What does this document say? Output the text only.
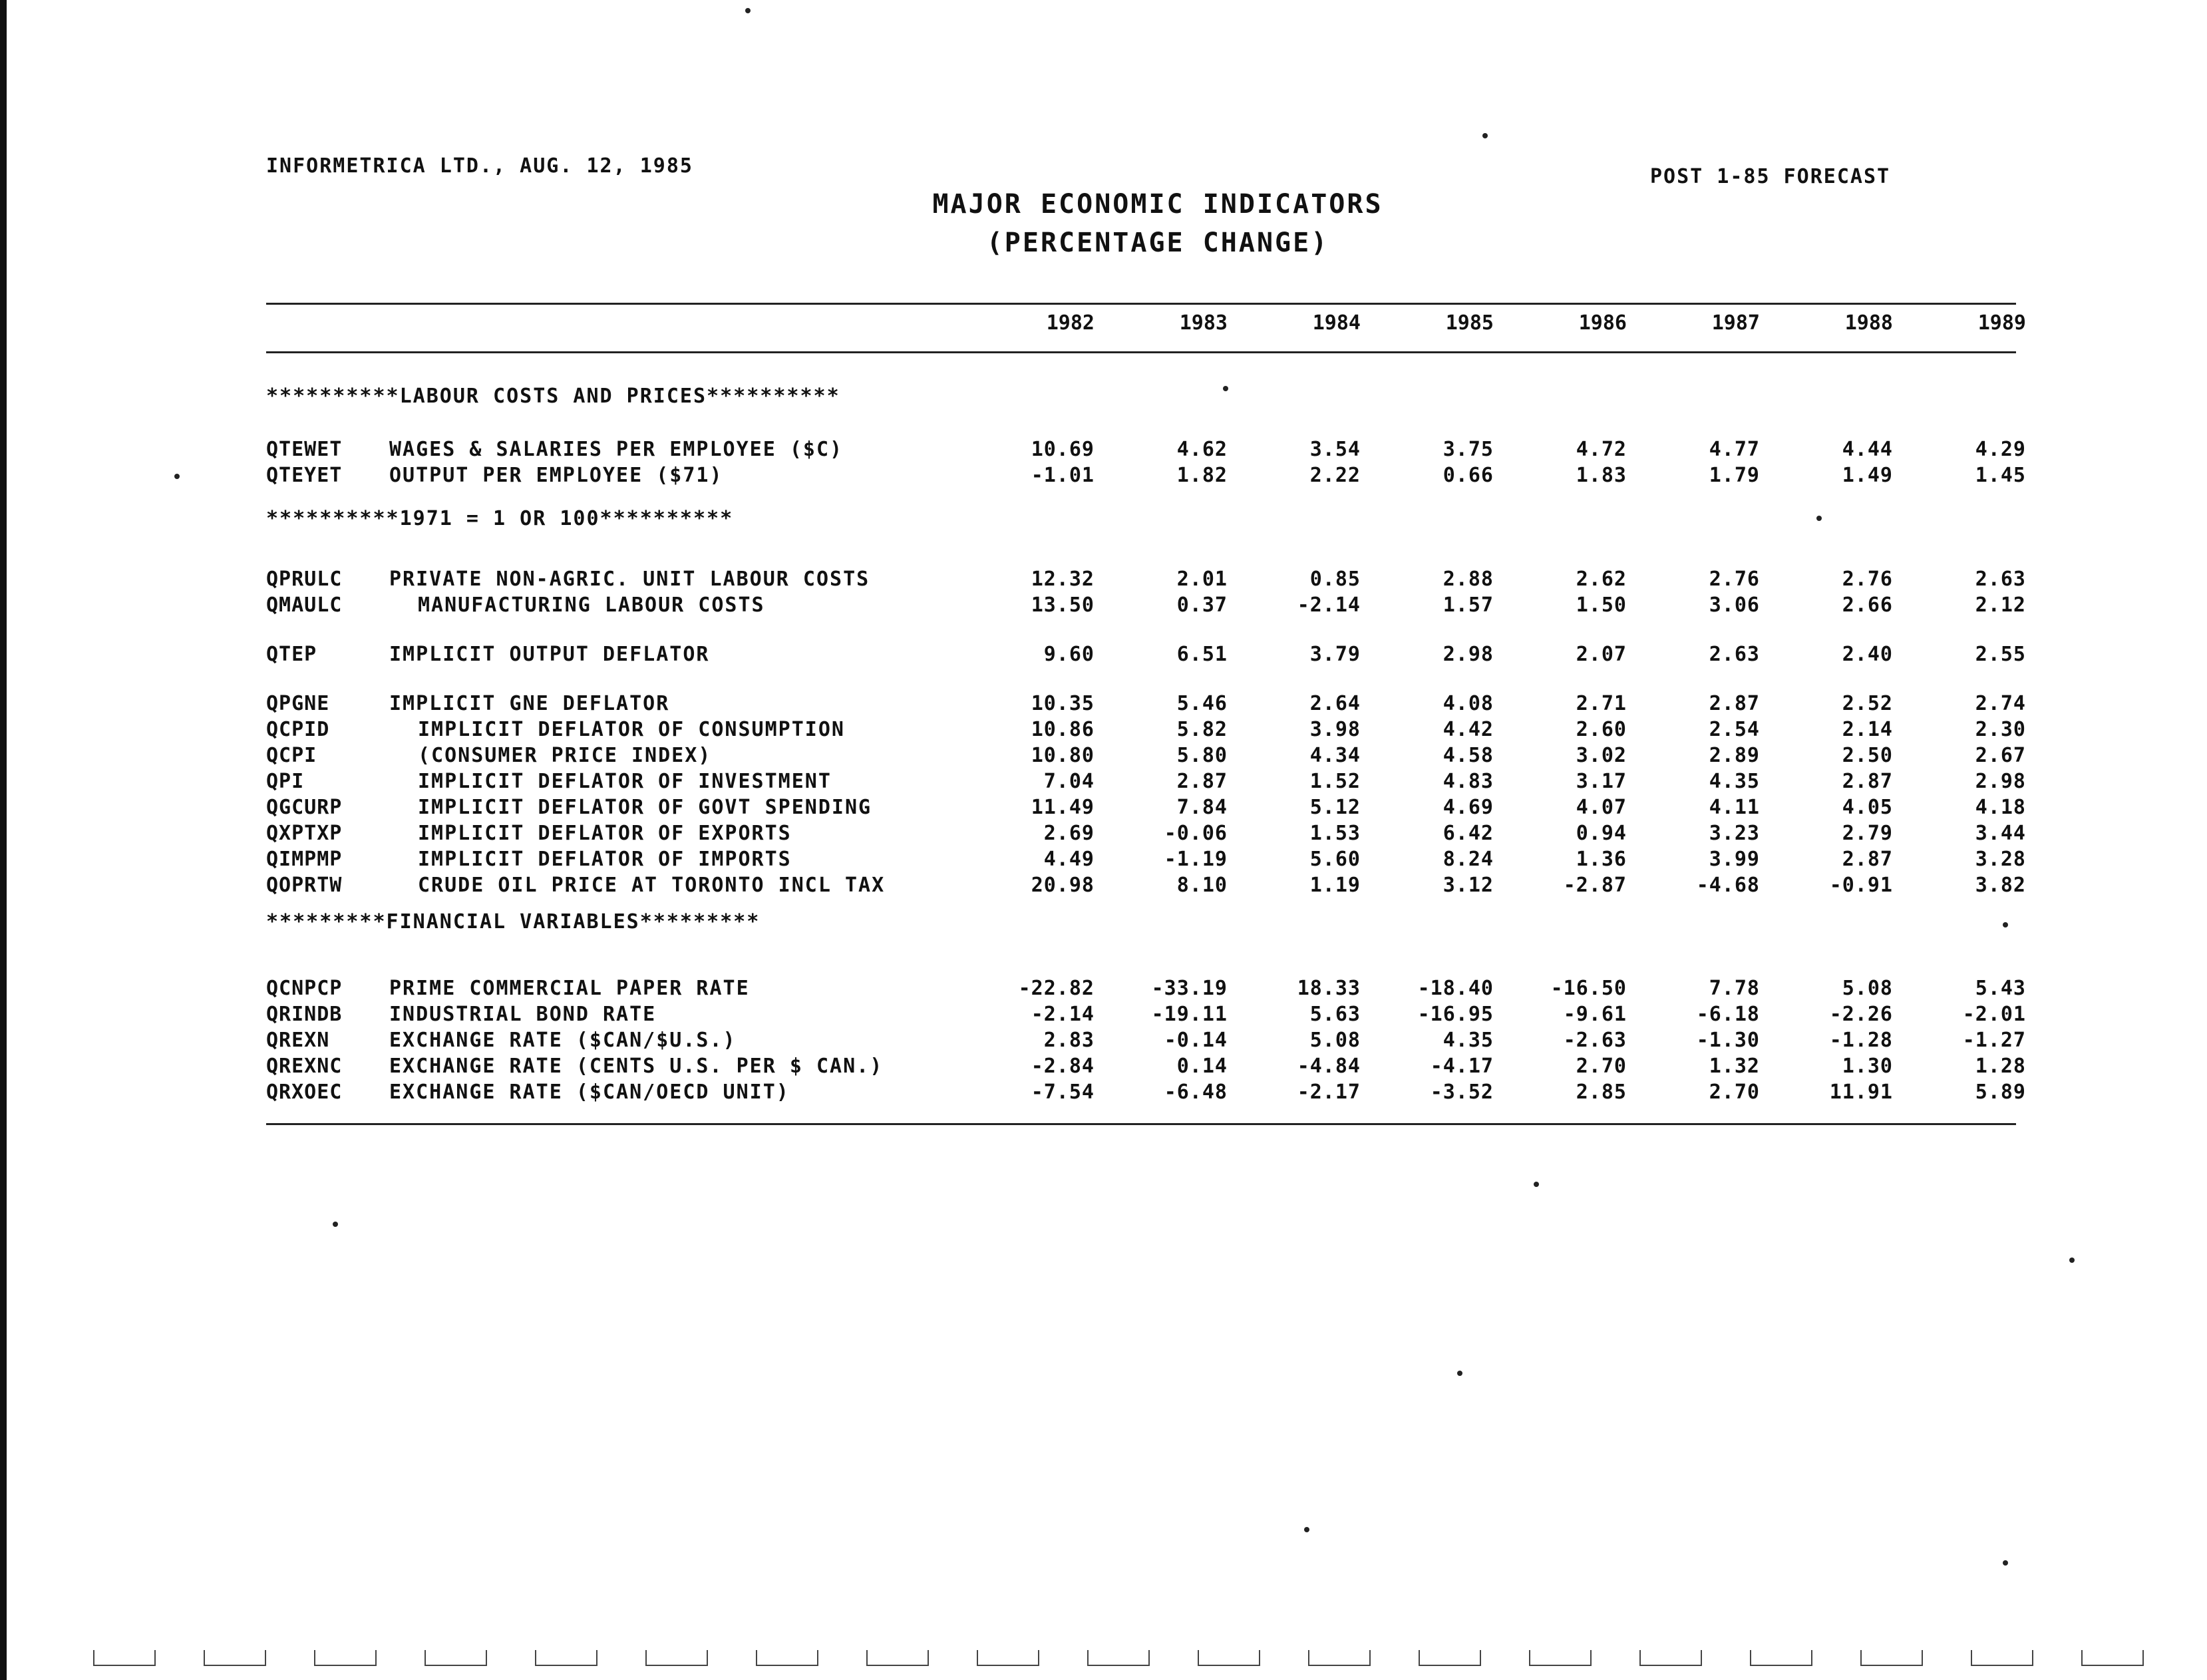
INFORMETRICA LTD., AUG. 12, 1985	POST 1-85 FORECAST
MAJOR ECONOMIC INDICATORS
(PERCENTAGE CHANGE)
1982	1983	1984	1985	1986	1987	1988	1989
**********LABOUR COSTS AND PRICES**********
**********1971 = 1 OR 100**********
*********FINANCIAL VARIABLES*********
QTEWET WAGES & SALARIES PER EMPLOYEE ($C)	10.69	4.62	3.54	3.75	4.72	4.77	4.44	4.29
QTEYET OUTPUT PER EMPLOYEE ($71)	-1.01	1.82	2.22	0.66	1.83	1.79	1.49	1.45
QPRULC PRIVATE NON-AGRIC. UNIT LABOUR COSTS	12.32	2.01	0.85	2.88	2.62	2.76	2.76	2.63
QMAULC	MANUFACTURING LABOUR COSTS	13.50	0.37	-2.14	1.57	1.50	3.06	2.66	2.12
QTEP	IMPLICIT OUTPUT DEFLATOR	9.60	6.51	3.79	2.98	2.07	2.63	2.40	2.55
QPGNE	IMPLICIT GNE DEFLATOR	10.35	5.46	2.64	4.08	2.71	2.87	2.52	2.74
QCPID	IMPLICIT DEFLATOR OF CONSUMPTION	10.86	5.82	3.98	4.42	2.60	2.54	2.14	2.30
QCPI	(CONSUMER PRICE INDEX)	10.80	5.80	4.34	4.58	3.02	2.89	2.50	2.67
QPI	IMPLICIT DEFLATOR OF INVESTMENT	7.04	2.87	1.52	4.83	3.17	4.35	2.87	2.98
QGCURP	IMPLICIT DEFLATOR OF GOVT SPENDING	11.49	7.84	5.12	4.69	4.07	4.11	4.05	4.18
QXPTXP	IMPLICIT DEFLATOR OF EXPORTS	2.69	-0.06	1.53	6.42	0.94	3.23	2.79	3.44
QIMPMP	IMPLICIT DEFLATOR OF IMPORTS	4.49	-1.19	5.60	8.24	1.36	3.99	2.87	3.28
QOPRTW	CRUDE OIL PRICE AT TORONTO INCL TAX	20.98	8.10	1.19	3.12	-2.87	-4.68	-0.91	3.82
QCNPCP PRIME COMMERCIAL PAPER RATE	-22.82	-33.19	18.33	-18.40	-16.50	7.78	5.08	5.43
QRINDB INDUSTRIAL BOND RATE	-2.14	-19.11	5.63	-16.95	-9.61	-6.18	-2.26	-2.01
QREXN	EXCHANGE RATE ($CAN/$U.S.)	2.83	-0.14	5.08	4.35	-2.63	-1.30	-1.28	-1.27
QREXNC EXCHANGE RATE (CENTS U.S. PER $ CAN.)	-2.84	0.14	-4.84	-4.17	2.70	1.32	1.30	1.28
QRXOEC EXCHANGE RATE ($CAN/OECD UNIT)	-7.54	-6.48	-2.17	-3.52	2.85	2.70	11.91	5.89
